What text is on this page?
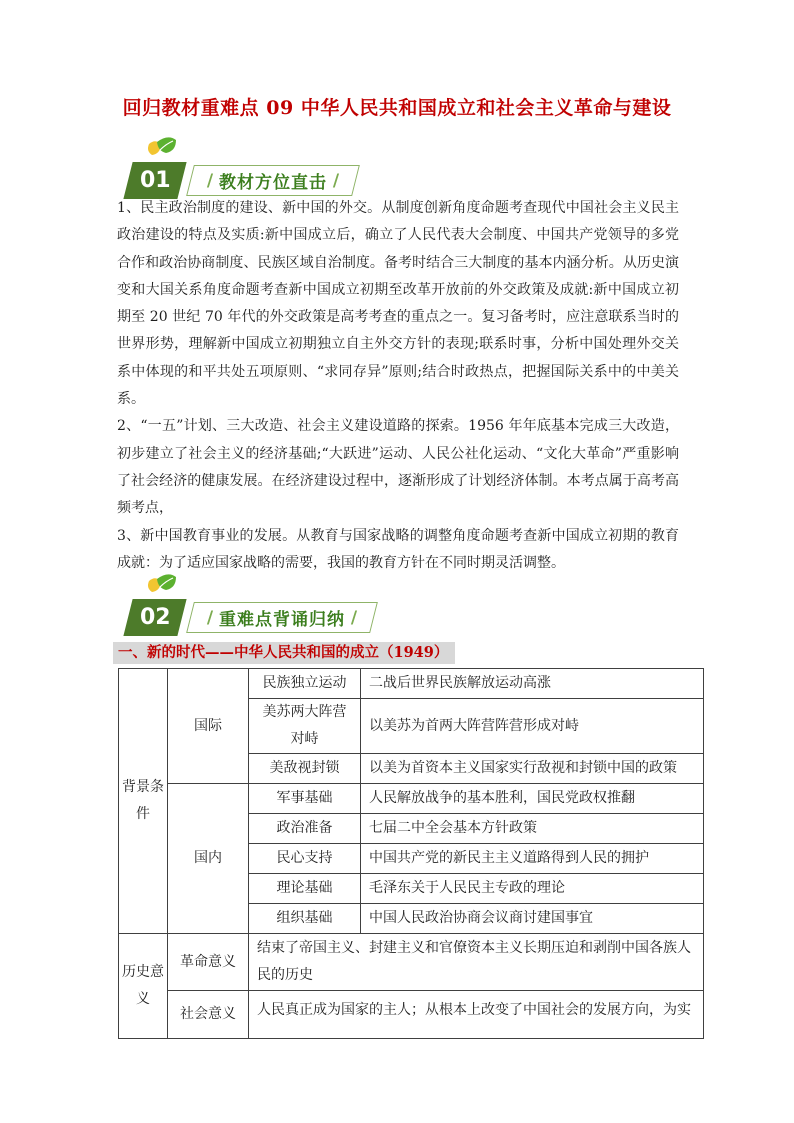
回归教材重难点 09 中华人民共和国成立和社会主义革命与建设
01 / 教材方位直击 /

1、民主政治制度的建设、新中国的外交。从制度创新角度命题考查现代中国社会主义民主政治建设的特点及实质:新中国成立后，确立了人民代表大会制度、中国共产党领导的多党合作和政治协商制度、民族区域自治制度。备考时结合三大制度的基本内涵分析。从历史演变和大国关系角度命题考查新中国成立初期至改革开放前的外交政策及成就:新中国成立初期至 20 世纪 70 年代的外交政策是高考考查的重点之一。复习备考时，应注意联系当时的世界形势，理解新中国成立初期独立自主外交方针的表现;联系时事，分析中国处理外交关系中体现的和平共处五项原则、“求同存异”原则;结合时政热点，把握国际关系中的中美关系。

2、“一五”计划、三大改造、社会主义建设道路的探索。1956 年年底基本完成三大改造，初步建立了社会主义的经济基础;“大跃进”运动、人民公社化运动、“文化大革命”严重影响了社会经济的健康发展。在经济建设过程中，逐渐形成了计划经济体制。本考点属于高考高频考点，

3、新中国教育事业的发展。从教育与国家战略的调整角度命题考查新中国成立初期的教育成就：为了适应国家战略的需要，我国的教育方针在不同时期灵活调整。

02 / 重难点背诵归纳 /
一、新的时代——中华人民共和国的成立（1949）
背景条件	国际	民族独立运动	二战后世界民族解放运动高涨
		美苏两大阵营对峙	以美苏为首两大阵营阵营形成对峙
		美敌视封锁	以美为首资本主义国家实行敌视和封锁中国的政策
	国内	军事基础	人民解放战争的基本胜利，国民党政权推翻
		政治准备	七届二中全会基本方针政策
		民心支持	中国共产党的新民主主义道路得到人民的拥护
		理论基础	毛泽东关于人民民主专政的理论
		组织基础	中国人民政治协商会议商讨建国事宜
历史意义	革命意义	结束了帝国主义、封建主义和官僚资本主义长期压迫和剥削中国各族人民的历史	
	社会意义	人民真正成为国家的主人；从根本上改变了中国社会的发展方向，为实	
